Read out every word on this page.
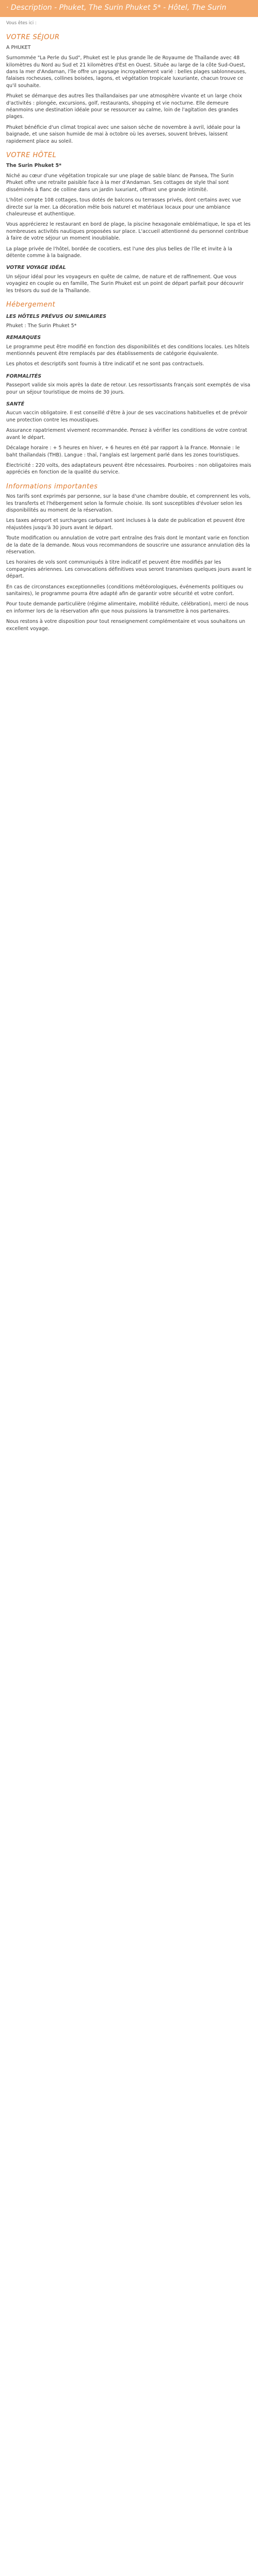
· Description - Phuket, The Surin Phuket 5* - Hôtel, The Surin

Vous êtes ici :
VOTRE SÉJOUR

A PHUKET

Surnommée "La Perle du Sud", Phuket est le plus grande île de Royaume de Thaïlande avec 48 kilomètres du Nord au Sud et 21 kilomètres d'Est en Ouest. Située au large de la côte Sud-Ouest, dans la mer d'Andaman, l'île offre un paysage incroyablement varié : belles plages sablonneuses, falaises rocheuses, collines boisées, lagons, et végétation tropicale luxuriante, chacun trouve ce qu'il souhaite.

Phuket se démarque des autres îles thaïlandaises par une atmosphère vivante et un large choix d'activités : plongée, excursions, golf, restaurants, shopping et vie nocturne. Elle demeure néanmoins une destination idéale pour se ressourcer au calme, loin de l'agitation des grandes plages.

Phuket bénéficie d'un climat tropical avec une saison sèche de novembre à avril, idéale pour la baignade, et une saison humide de mai à octobre où les averses, souvent brèves, laissent rapidement place au soleil.

VOTRE HÔTEL

The Surin Phuket 5*

Niché au cœur d'une végétation tropicale sur une plage de sable blanc de Pansea, The Surin Phuket offre une retraite paisible face à la mer d'Andaman. Ses cottages de style thaï sont disséminés à flanc de colline dans un jardin luxuriant, offrant une grande intimité.

L'hôtel compte 108 cottages, tous dotés de balcons ou terrasses privés, dont certains avec vue directe sur la mer. La décoration mêle bois naturel et matériaux locaux pour une ambiance chaleureuse et authentique.

Vous apprécierez le restaurant en bord de plage, la piscine hexagonale emblématique, le spa et les nombreuses activités nautiques proposées sur place. L'accueil attentionné du personnel contribue à faire de votre séjour un moment inoubliable.

La plage privée de l'hôtel, bordée de cocotiers, est l'une des plus belles de l'île et invite à la détente comme à la baignade.

VOTRE VOYAGE IDÉAL

Un séjour idéal pour les voyageurs en quête de calme, de nature et de raffinement. Que vous voyagiez en couple ou en famille, The Surin Phuket est un point de départ parfait pour découvrir les trésors du sud de la Thaïlande.

Hébergement
LES HÔTELS PRÉVUS OU SIMILAIRES

Phuket : The Surin Phuket 5*

REMARQUES

Le programme peut être modifié en fonction des disponibilités et des conditions locales. Les hôtels mentionnés peuvent être remplacés par des établissements de catégorie équivalente.

Les photos et descriptifs sont fournis à titre indicatif et ne sont pas contractuels.

FORMALITÉS

Passeport valide six mois après la date de retour. Les ressortissants français sont exemptés de visa pour un séjour touristique de moins de 30 jours.

SANTÉ

Aucun vaccin obligatoire. Il est conseillé d'être à jour de ses vaccinations habituelles et de prévoir une protection contre les moustiques.

Assurance rapatriement vivement recommandée. Pensez à vérifier les conditions de votre contrat avant le départ.

Décalage horaire : + 5 heures en hiver, + 6 heures en été par rapport à la France. Monnaie : le baht thaïlandais (THB). Langue : thaï, l'anglais est largement parlé dans les zones touristiques.

Électricité : 220 volts, des adaptateurs peuvent être nécessaires. Pourboires : non obligatoires mais appréciés en fonction de la qualité du service.

Informations importantes

Nos tarifs sont exprimés par personne, sur la base d'une chambre double, et comprennent les vols, les transferts et l'hébergement selon la formule choisie. Ils sont susceptibles d'évoluer selon les disponibilités au moment de la réservation.

Les taxes aéroport et surcharges carburant sont incluses à la date de publication et peuvent être réajustées jusqu'à 30 jours avant le départ.

Toute modification ou annulation de votre part entraîne des frais dont le montant varie en fonction de la date de la demande. Nous vous recommandons de souscrire une assurance annulation dès la réservation.

Les horaires de vols sont communiqués à titre indicatif et peuvent être modifiés par les compagnies aériennes. Les convocations définitives vous seront transmises quelques jours avant le départ.

En cas de circonstances exceptionnelles (conditions météorologiques, événements politiques ou sanitaires), le programme pourra être adapté afin de garantir votre sécurité et votre confort.

Pour toute demande particulière (régime alimentaire, mobilité réduite, célébration), merci de nous en informer lors de la réservation afin que nous puissions la transmettre à nos partenaires.

Nous restons à votre disposition pour tout renseignement complémentaire et vous souhaitons un excellent voyage.
